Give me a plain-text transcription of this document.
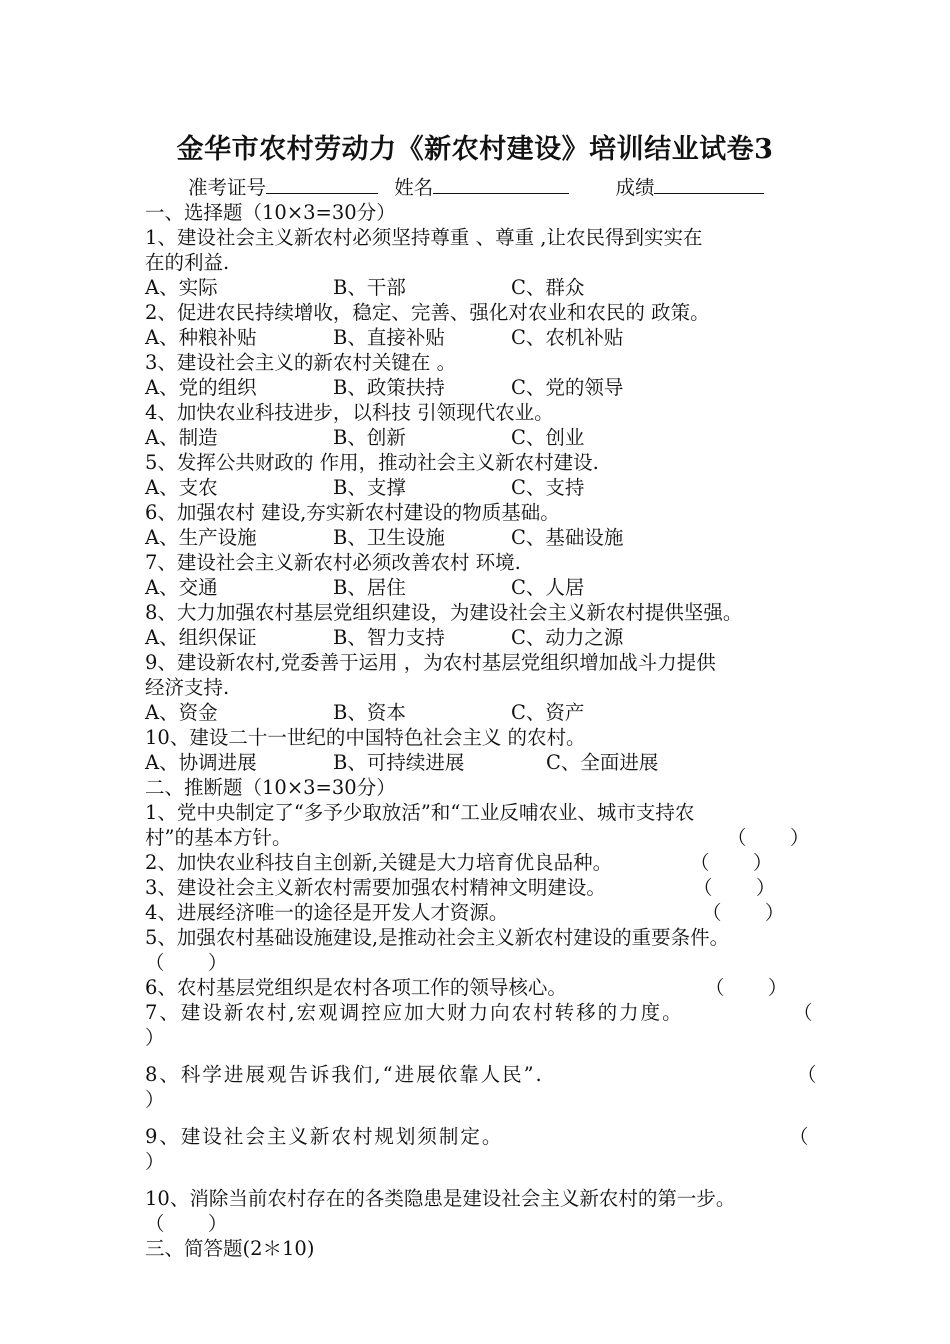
金华市农村劳动力《新农村建设》培训结业试卷3
准考证号	姓名	成绩
一、选择题（10×3=30分）
1、建设社会主义新农村必须坚持尊重 、尊重 ,让农民得到实实在
在的利益.
A、实际	B、干部	C、群众
2、促进农民持续增收，稳定、完善、强化对农业和农民的 政策。
A、种粮补贴	B、直接补贴	C、农机补贴
3、建设社会主义的新农村关键在 。
A、党的组织	B、政策扶持	C、党的领导
4、加快农业科技进步，以科技 引领现代农业。
A、制造	B、创新	C、创业
5、发挥公共财政的 作用，推动社会主义新农村建设.
A、支农	B、支撑	C、支持
6、加强农村 建设,夯实新农村建设的物质基础。
A、生产设施	B、卫生设施	C、基础设施
7、建设社会主义新农村必须改善农村 环境.
A、交通	B、居住	C、人居
8、大力加强农村基层党组织建设，为建设社会主义新农村提供坚强。
A、组织保证	B、智力支持	C、动力之源
9、建设新农村,党委善于运用 ，为农村基层党组织增加战斗力提供
经济支持.
A、资金	B、资本	C、资产
10、建设二十一世纪的中国特色社会主义 的农村。
A、协调进展	B、可持续进展	C、全面进展
二、推断题（10×3=30分）
1、党中央制定了“多予少取放活”和“工业反哺农业、城市支持农
村”的基本方针。	（       ）
2、加快农业科技自主创新,关键是大力培育优良品种。	（       ）
3、建设社会主义新农村需要加强农村精神文明建设。	（       ）
4、进展经济唯一的途径是开发人才资源。	（       ）
5、加强农村基础设施建设,是推动社会主义新农村建设的重要条件。
（       ）
6、农村基层党组织是农村各项工作的领导核心。	（       ）
7、建设新农村,宏观调控应加大财力向农村转移的力度。	（
）
8、科学进展观告诉我们,“进展依靠人民”.	（
）
9、建设社会主义新农村规划须制定。	（
）
10、消除当前农村存在的各类隐患是建设社会主义新农村的第一步。
（       ）
三、简答题(2＊10)
